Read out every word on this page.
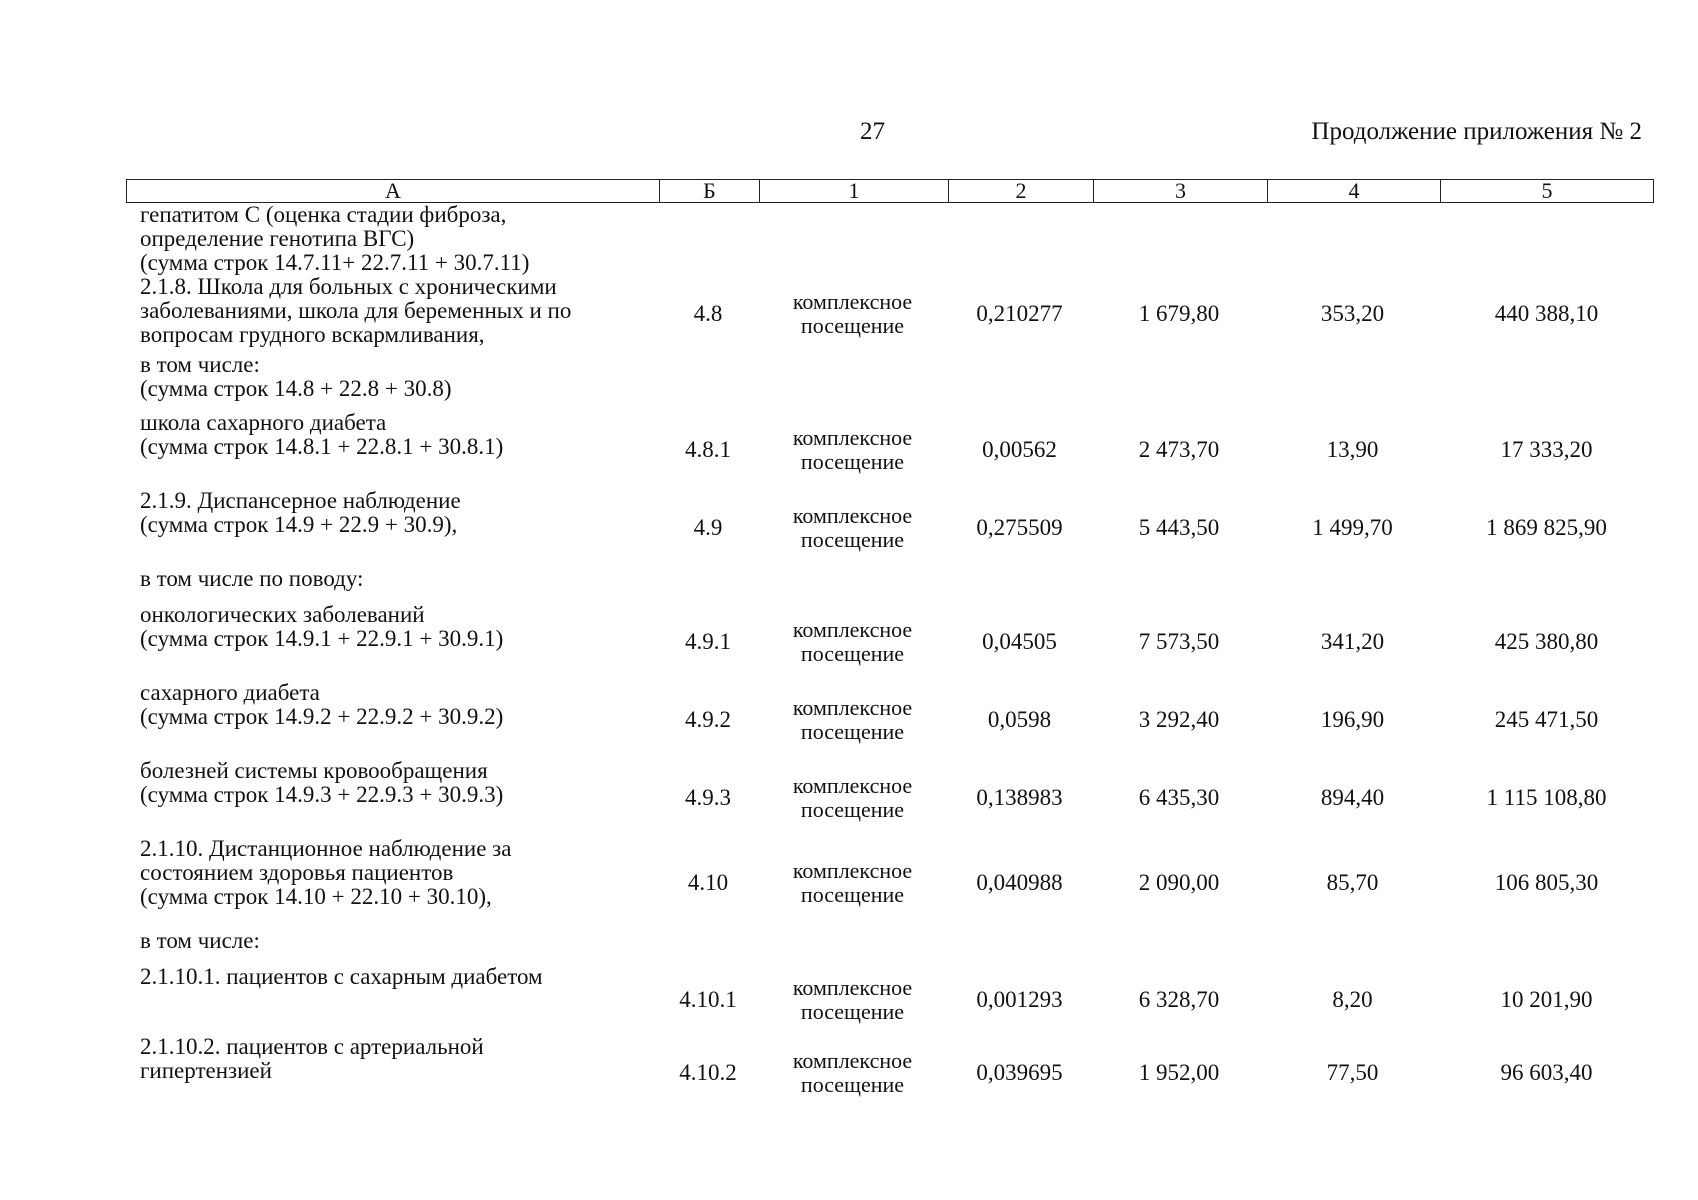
27	Продолжение приложения № 2
А	Б	1	2	3	4	5
гепатитом С (оценка стадии фиброза,
определение генотипа ВГС)
(сумма строк 14.7.11+ 22.7.11 + 30.7.11)
2.1.8. Школа для больных с хроническими
заболеваниями, школа для беременных и по
вопросам грудного вскармливания,
4.8	комплексное
посещение	0,210277	1 679,80	353,20	440 388,10
в том числе:
(сумма строк 14.8 + 22.8 + 30.8)
школа сахарного диабета
(сумма строк 14.8.1 + 22.8.1 + 30.8.1)	4.8.1	комплексное
посещение	0,00562	2 473,70	13,90	17 333,20
2.1.9. Диспансерное наблюдение
(сумма строк 14.9 + 22.9 + 30.9),	4.9	комплексное
посещение	0,275509	5 443,50	1 499,70	1 869 825,90
в том числе по поводу:
онкологических заболеваний
(сумма строк 14.9.1 + 22.9.1 + 30.9.1)	4.9.1	комплексное
посещение	0,04505	7 573,50	341,20	425 380,80
сахарного диабета
(сумма строк 14.9.2 + 22.9.2 + 30.9.2)	4.9.2	комплексное
посещение	0,0598	3 292,40	196,90	245 471,50
болезней системы кровообращения
(сумма строк 14.9.3 + 22.9.3 + 30.9.3)	4.9.3	комплексное
посещение	0,138983	6 435,30	894,40	1 115 108,80
2.1.10. Дистанционное наблюдение за
состоянием здоровья пациентов
(сумма строк 14.10 + 22.10 + 30.10),
4.10	комплексное
посещение	0,040988	2 090,00	85,70	106 805,30
в том числе:
2.1.10.1. пациентов с сахарным диабетом
4.10.1	комплексное
посещение	0,001293	6 328,70	8,20	10 201,90
2.1.10.2. пациентов с артериальной
гипертензией	4.10.2	комплексное
посещение	0,039695	1 952,00	77,50	96 603,40
